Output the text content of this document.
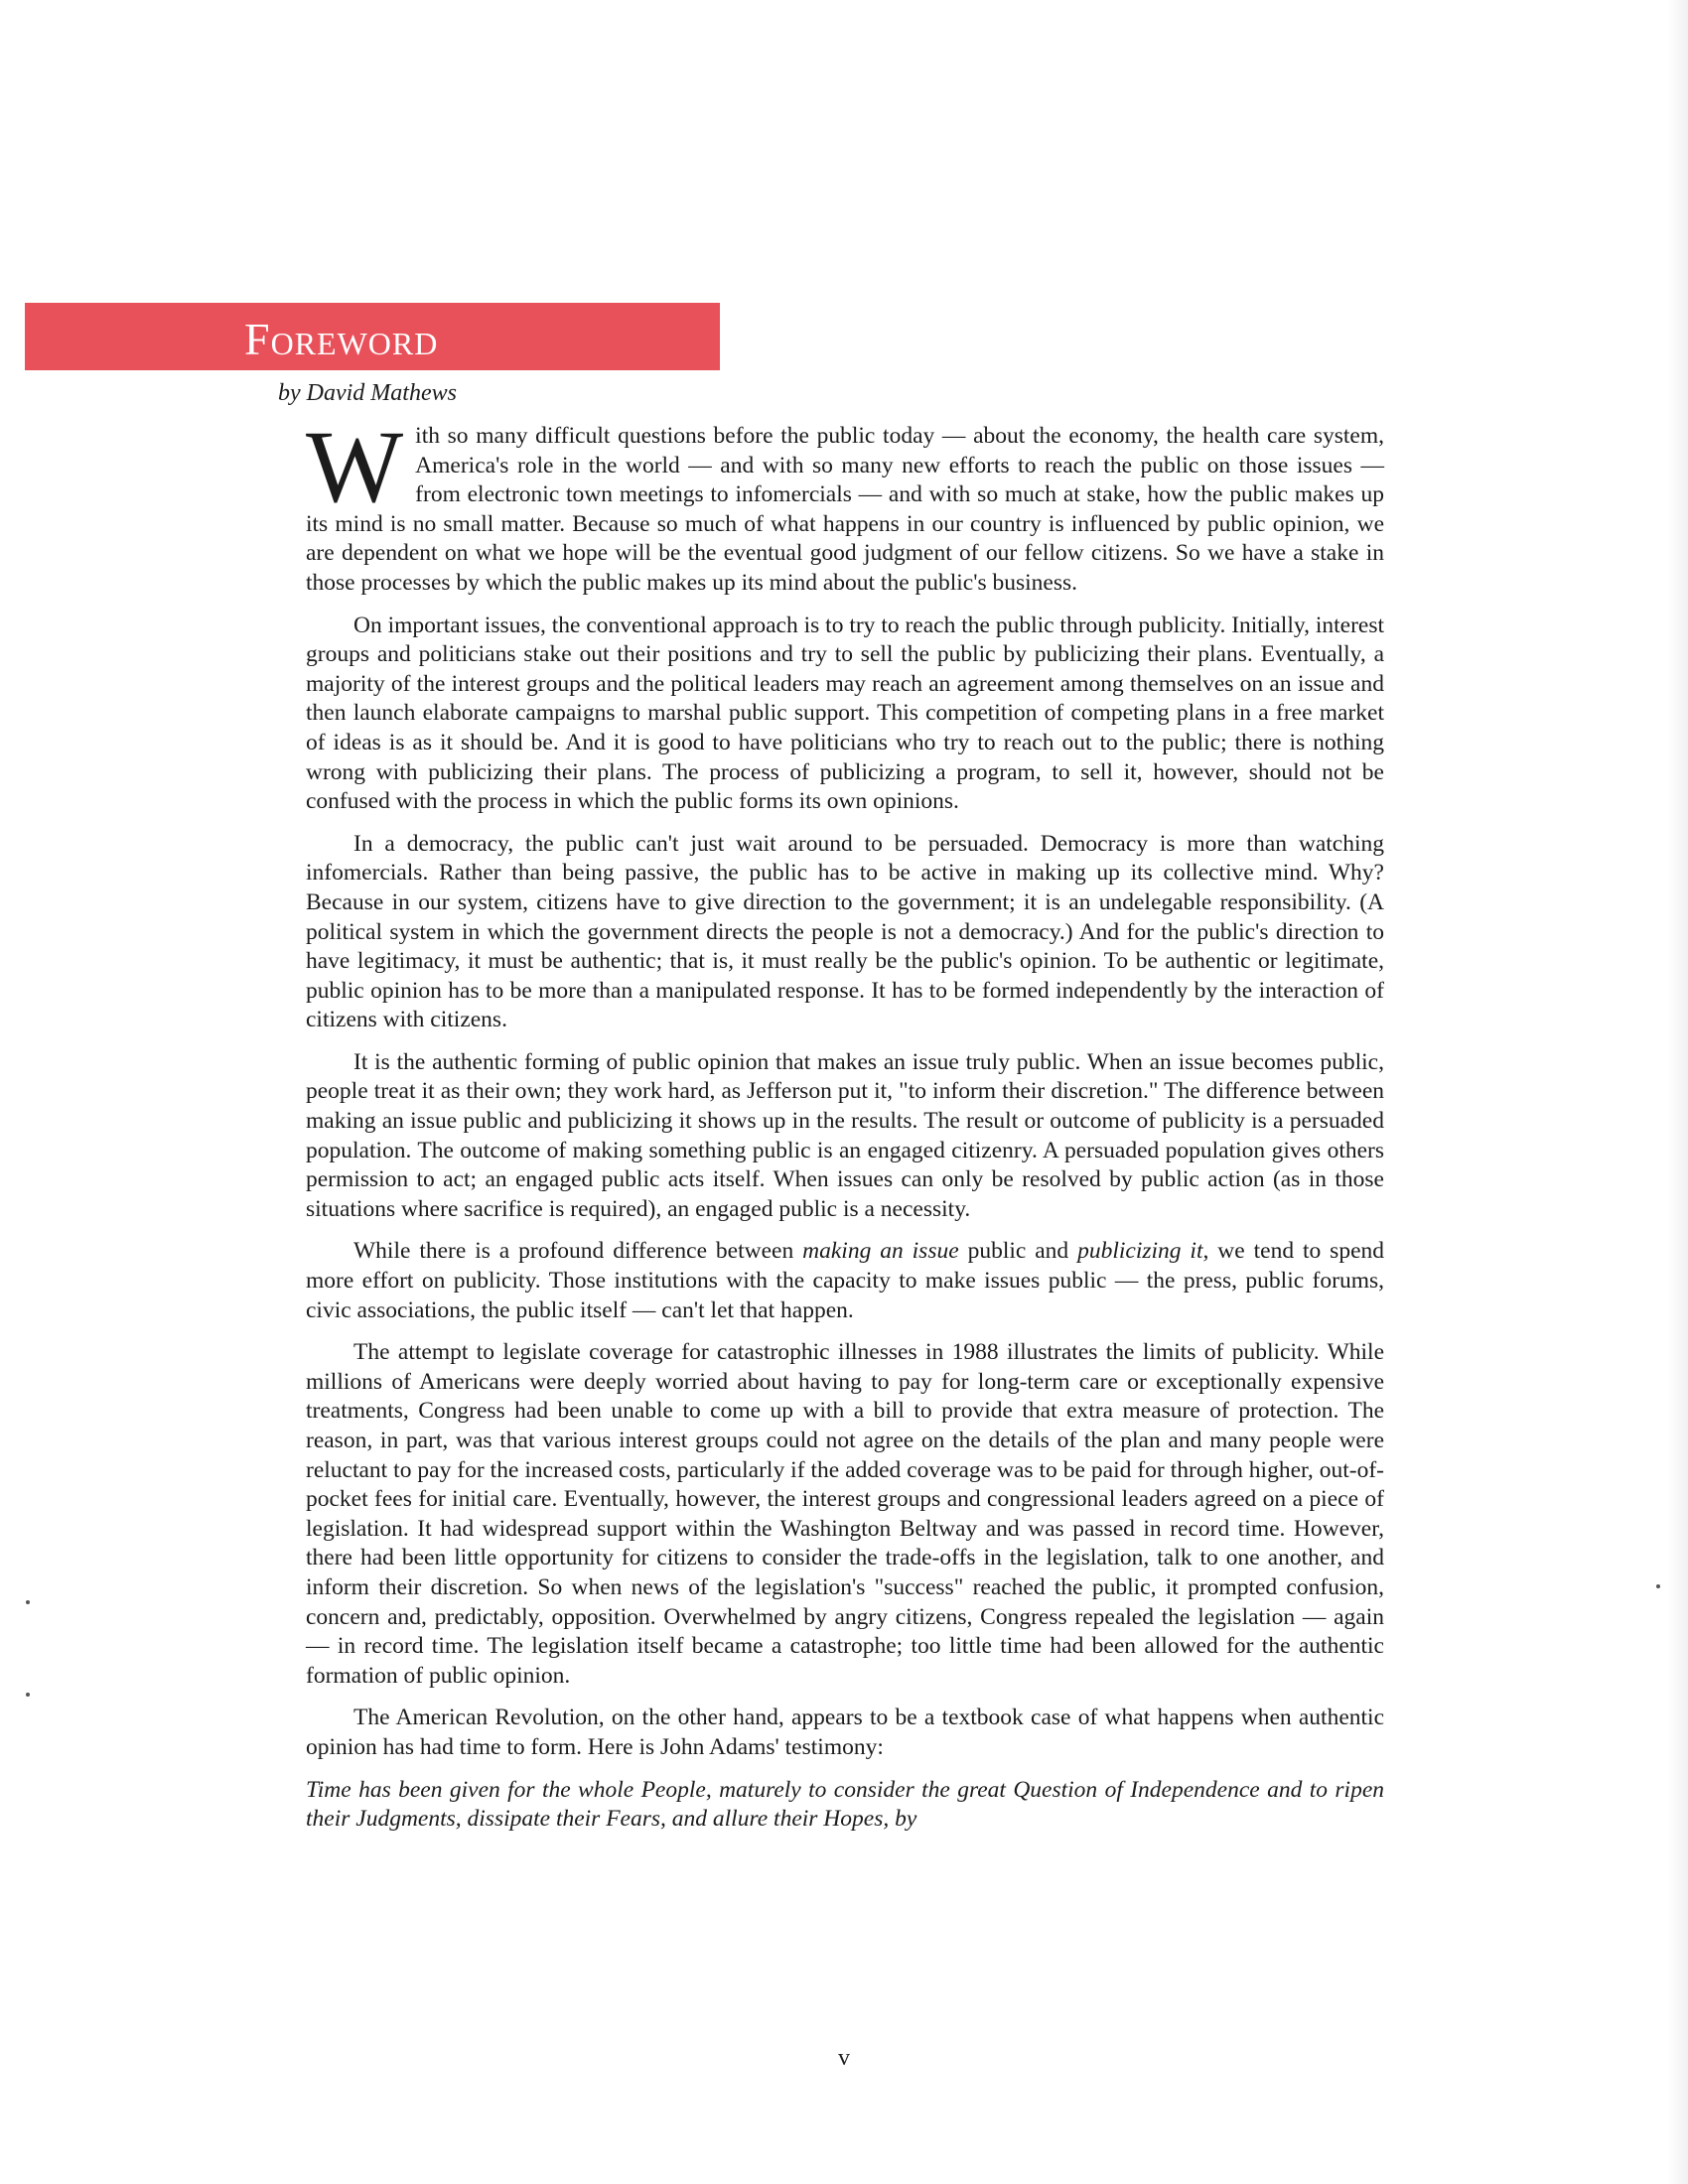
Foreword
by David Mathews

With so many difficult questions before the public today — about the economy, the health care system, America's role in the world — and with so many new efforts to reach the public on those issues — from electronic town meetings to infomercials — and with so much at stake, how the public makes up its mind is no small matter. Because so much of what happens in our country is influenced by public opinion, we are dependent on what we hope will be the eventual good judgment of our fellow citizens. So we have a stake in those processes by which the public makes up its mind about the public's business.

On important issues, the conventional approach is to try to reach the public through publicity. Initially, interest groups and politicians stake out their positions and try to sell the public by publicizing their plans. Eventually, a majority of the interest groups and the political leaders may reach an agreement among themselves on an issue and then launch elaborate campaigns to marshal public support. This competition of competing plans in a free market of ideas is as it should be. And it is good to have politicians who try to reach out to the public; there is nothing wrong with publicizing their plans. The process of publicizing a program, to sell it, however, should not be confused with the process in which the public forms its own opinions.

In a democracy, the public can't just wait around to be persuaded. Democracy is more than watching infomercials. Rather than being passive, the public has to be active in making up its collective mind. Why? Because in our system, citizens have to give direction to the government; it is an undelegable responsibility. (A political system in which the government directs the people is not a democracy.) And for the public's direction to have legitimacy, it must be authentic; that is, it must really be the public's opinion. To be authentic or legitimate, public opinion has to be more than a manipulated response. It has to be formed independently by the interaction of citizens with citizens.

It is the authentic forming of public opinion that makes an issue truly public. When an issue becomes public, people treat it as their own; they work hard, as Jefferson put it, "to inform their discretion." The difference between making an issue public and publicizing it shows up in the results. The result or outcome of publicity is a persuaded population. The outcome of making something public is an engaged citizenry. A persuaded population gives others permission to act; an engaged public acts itself. When issues can only be resolved by public action (as in those situations where sacrifice is required), an engaged public is a necessity.

While there is a profound difference between making an issue public and publicizing it, we tend to spend more effort on publicity. Those institutions with the capacity to make issues public — the press, public forums, civic associations, the public itself — can't let that happen.

The attempt to legislate coverage for catastrophic illnesses in 1988 illustrates the limits of publicity. While millions of Americans were deeply worried about having to pay for long-term care or exceptionally expensive treatments, Congress had been unable to come up with a bill to provide that extra measure of protection. The reason, in part, was that various interest groups could not agree on the details of the plan and many people were reluctant to pay for the increased costs, particularly if the added coverage was to be paid for through higher, out-of-pocket fees for initial care. Eventually, however, the interest groups and congressional leaders agreed on a piece of legislation. It had widespread support within the Washington Beltway and was passed in record time. However, there had been little opportunity for citizens to consider the trade-offs in the legislation, talk to one another, and inform their discretion. So when news of the legislation's "success" reached the public, it prompted confusion, concern and, predictably, opposition. Overwhelmed by angry citizens, Congress repealed the legislation — again — in record time. The legislation itself became a catastrophe; too little time had been allowed for the authentic formation of public opinion.

The American Revolution, on the other hand, appears to be a textbook case of what happens when authentic opinion has had time to form. Here is John Adams' testimony:

Time has been given for the whole People, maturely to consider the great Question of Independence and to ripen their Judgments, dissipate their Fears, and allure their Hopes, by

v
